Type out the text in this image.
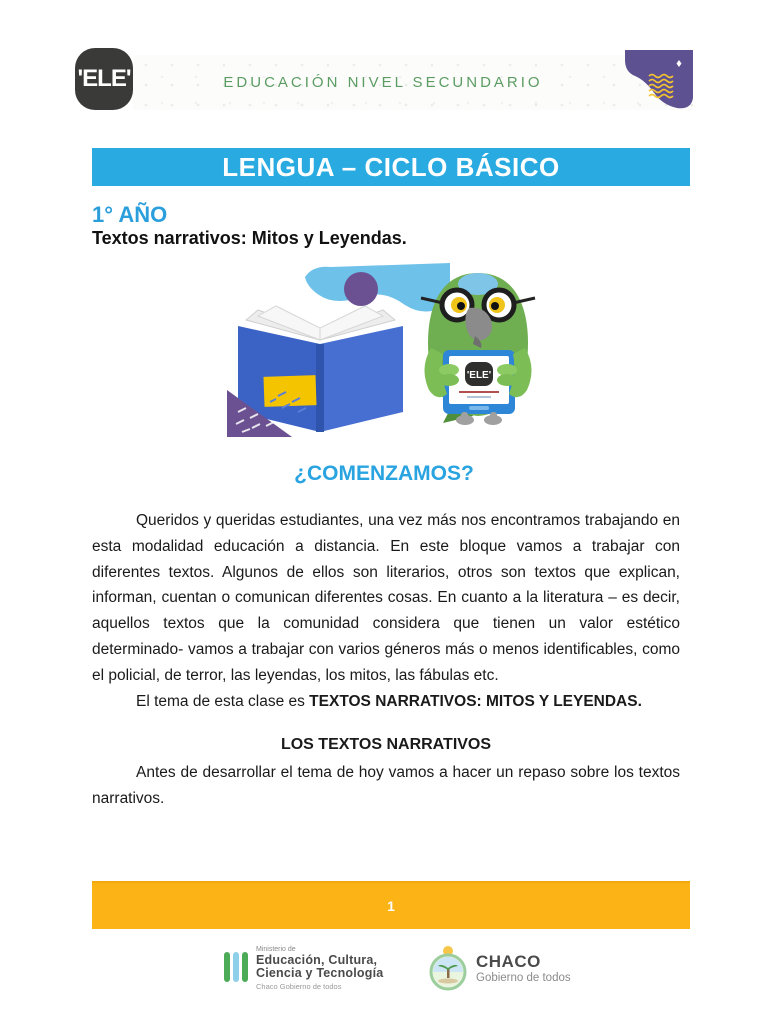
'ELE'	EDUCACIÓN NIVEL SECUNDARIO
LENGUA – CICLO BÁSICO
1° AÑO
Textos narrativos: Mitos y Leyendas.
'ELE'
¿COMENZAMOS?

Queridos y queridas estudiantes, una vez más nos encontramos trabajando en esta modalidad educación a distancia. En este bloque vamos a trabajar con diferentes textos. Algunos de ellos son literarios, otros son textos que explican, informan, cuentan o comunican diferentes cosas. En cuanto a la literatura – es decir, aquellos textos que la comunidad considera que tienen un valor estético determinado- vamos a trabajar con varios géneros más o menos identificables, como el policial, de terror, las leyendas, los mitos, las fábulas etc.

El tema de esta clase es TEXTOS NARRATIVOS: MITOS Y LEYENDAS.

LOS TEXTOS NARRATIVOS

Antes de desarrollar el tema de hoy vamos a hacer un repaso sobre los textos narrativos.

1
Ministerio de
Educación, Cultura,
Ciencia y Tecnología
Chaco Gobierno de todos
CHACO
Gobierno de todos
